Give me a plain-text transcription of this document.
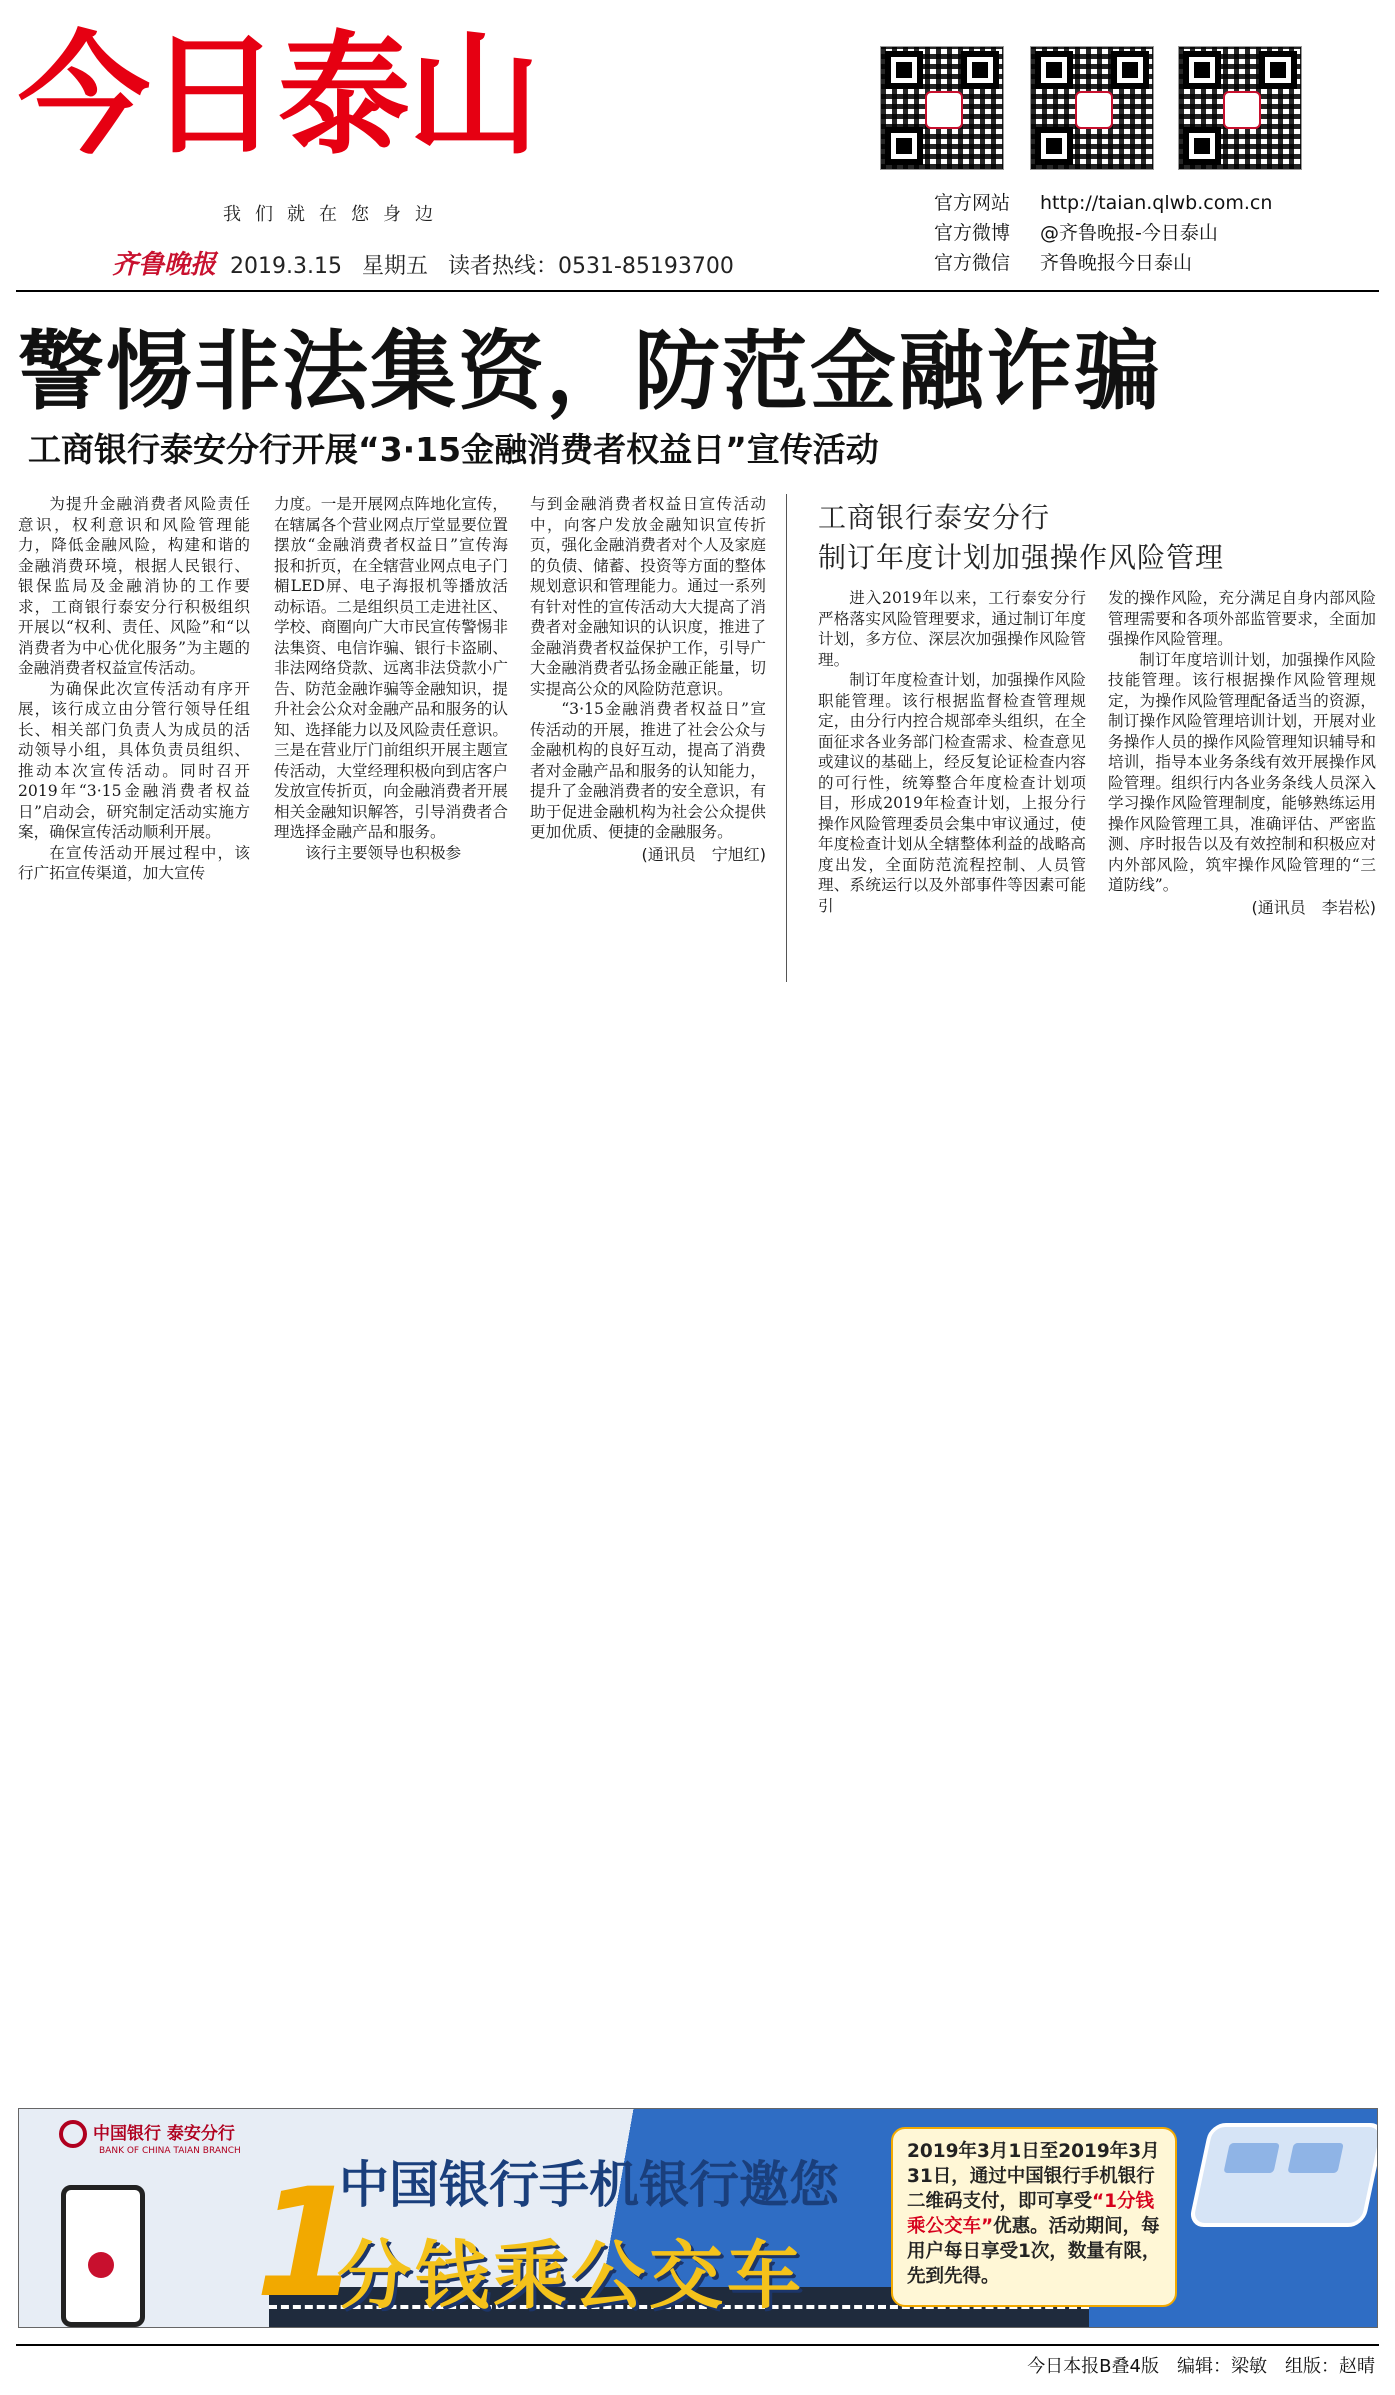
今日泰山
我们就在您身边
齐鲁晚报 2019.3.15 星期五 读者热线：0531-85193700
官方网站 http://taian.qlwb.com.cn
官方微博 @齐鲁晚报-今日泰山
官方微信 齐鲁晚报今日泰山
警惕非法集资，防范金融诈骗
工商银行泰安分行开展“3·15金融消费者权益日”宣传活动

为提升金融消费者风险责任意识，权利意识和风险管理能力，降低金融风险，构建和谐的金融消费环境，根据人民银行、银保监局及金融消协的工作要求，工商银行泰安分行积极组织开展以“权利、责任、风险”和“以消费者为中心优化服务”为主题的金融消费者权益宣传活动。

为确保此次宣传活动有序开展，该行成立由分管行领导任组长、相关部门负责人为成员的活动领导小组，具体负责员组织、推动本次宣传活动。同时召开2019年“3·15金融消费者权益日”启动会，研究制定活动实施方案，确保宣传活动顺利开展。

在宣传活动开展过程中，该行广拓宣传渠道，加大宣传

力度。一是开展网点阵地化宣传，在辖属各个营业网点厅堂显要位置摆放“金融消费者权益日”宣传海报和折页，在全辖营业网点电子门楣LED屏、电子海报机等播放活动标语。二是组织员工走进社区、学校、商圈向广大市民宣传警惕非法集资、电信诈骗、银行卡盗刷、非法网络贷款、远离非法贷款小广告、防范金融诈骗等金融知识，提升社会公众对金融产品和服务的认知、选择能力以及风险责任意识。三是在营业厅门前组织开展主题宣传活动，大堂经理积极向到店客户发放宣传折页，向金融消费者开展相关金融知识解答，引导消费者合理选择金融产品和服务。

该行主要领导也积极参

与到金融消费者权益日宣传活动中，向客户发放金融知识宣传折页，强化金融消费者对个人及家庭的负债、储蓄、投资等方面的整体规划意识和管理能力。通过一系列有针对性的宣传活动大大提高了消费者对金融知识的认识度，推进了金融消费者权益保护工作，引导广大金融消费者弘扬金融正能量，切实提高公众的风险防范意识。

“3·15金融消费者权益日”宣传活动的开展，推进了社会公众与金融机构的良好互动，提高了消费者对金融产品和服务的认知能力，提升了金融消费者的安全意识，有助于促进金融机构为社会公众提供更加优质、便捷的金融服务。

(通讯员　宁旭红)
工商银行泰安分行
制订年度计划加强操作风险管理

进入2019年以来，工行泰安分行严格落实风险管理要求，通过制订年度计划，多方位、深层次加强操作风险管理。

制订年度检查计划，加强操作风险职能管理。该行根据监督检查管理规定，由分行内控合规部牵头组织，在全面征求各业务部门检查需求、检查意见或建议的基础上，经反复论证检查内容的可行性，统筹整合年度检查计划项目，形成2019年检查计划，上报分行操作风险管理委员会集中审议通过，使年度检查计划从全辖整体利益的战略高度出发，全面防范流程控制、人员管理、系统运行以及外部事件等因素可能引

发的操作风险，充分满足自身内部风险管理需要和各项外部监管要求，全面加强操作风险管理。

制订年度培训计划，加强操作风险技能管理。该行根据操作风险管理规定，为操作风险管理配备适当的资源，制订操作风险管理培训计划，开展对业务操作人员的操作风险管理知识辅导和培训，指导本业务条线有效开展操作风险管理。组织行内各业务条线人员深入学习操作风险管理制度，能够熟练运用操作风险管理工具，准确评估、严密监测、序时报告以及有效控制和积极应对内外部风险，筑牢操作风险管理的“三道防线”。

(通讯员　李岩松)
中国银行 泰安分行
BANK OF CHINA TAIAN BRANCH
1
中国银行手机银行邀您
分钱乘公交车
2019年3月1日至2019年3月31日，通过中国银行手机银行二维码支付，即可享受“1分钱乘公交车”优惠。活动期间，每用户每日享受1次，数量有限，先到先得。
今日本报B叠4版 编辑：梁敏 组版：赵晴
